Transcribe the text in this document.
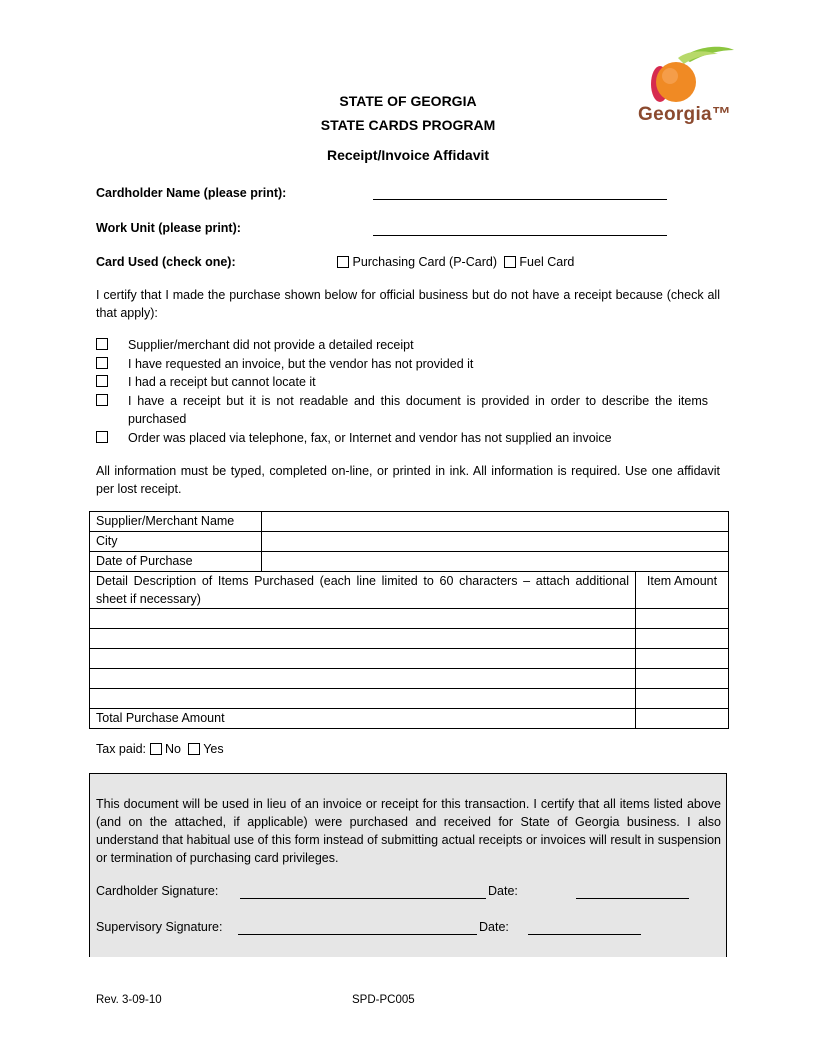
Georgia™
STATE OF GEORGIA
STATE CARDS PROGRAM
Receipt/Invoice Affidavit
Cardholder Name (please print):
Work Unit (please print):
Card Used (check one):	Purchasing Card (P-Card) Fuel Card
I certify that I made the purchase shown below for official business but do not have a receipt because (check all that apply):
Supplier/merchant did not provide a detailed receipt
I have requested an invoice, but the vendor has not provided it
I had a receipt but cannot locate it
I have a receipt but it is not readable and this document is provided in order to describe the items purchased
Order was placed via telephone, fax, or Internet and vendor has not supplied an invoice
All information must be typed, completed on-line, or printed in ink. All information is required. Use one affidavit per lost receipt.
Supplier/Merchant Name		
City		
Date of Purchase		
Detail Description of Items Purchased (each line limited to 60 characters – attach additional sheet if necessary)		Item Amount

Total Purchase Amount		
Tax paid: No Yes
This document will be used in lieu of an invoice or receipt for this transaction. I certify that all items listed above (and on the attached, if applicable) were purchased and received for State of Georgia business. I also understand that habitual use of this form instead of submitting actual receipts or invoices will result in suspension or termination of purchasing card privileges.
Cardholder Signature:	Date:
Supervisory Signature:	Date:
Rev. 3-09-10	SPD-PC005
